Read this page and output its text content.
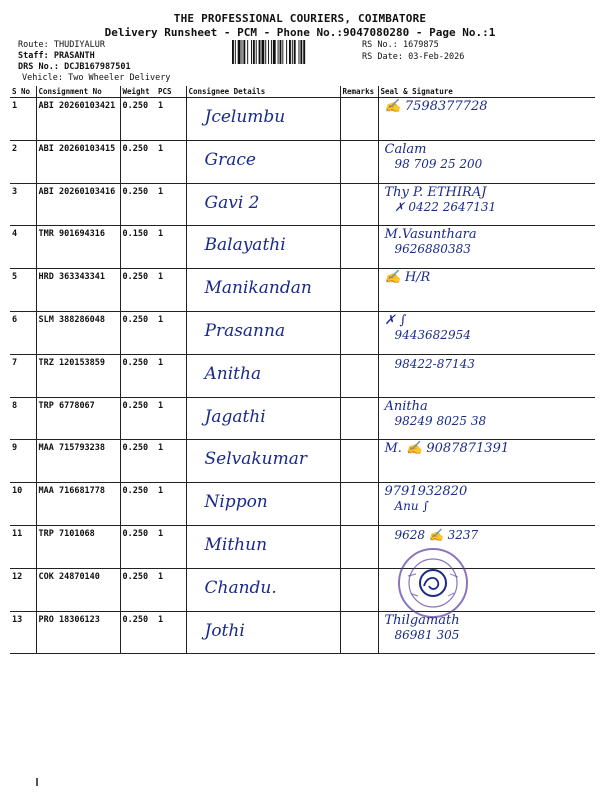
THE PROFESSIONAL COURIERS, COIMBATORE
Delivery Runsheet - PCM - Phone No.:9047080280 - Page No.:1
Route: THUDIYALUR
Staff: PRASANTH
DRS No.: DCJB167987501
Vehicle: Two Wheeler Delivery
RS No.: 1679875
RS Date: 03-Feb-2026
S No	Consignment No	Weight	PCS	Consignee Details	Remarks	Seal & Signature
1	ABI 20260103421	0.250	1	Jcelumbu		✍ 7598377728

2	ABI 20260103415	0.250	1	Grace		Calam
98 709 25 200

3	ABI 20260103416	0.250	1	Gavi 2		Thy P. ETHIRAJ
✗ 0422 2647131

4	TMR 901694316	0.150	1	Balayathi		M.Vasunthara
9626880383

5	HRD 363343341	0.250	1	Manikandan		✍ H/R

6	SLM 388286048	0.250	1	Prasanna		✗ ∫
9443682954

7	TRZ 120153859	0.250	1	Anitha		98422-87143

8	TRP 6778067	0.250	1	Jagathi		Anitha
98249 8025 38

9	MAA 715793238	0.250	1	Selvakumar		M. ✍ 9087871391

10	MAA 716681778	0.250	1	Nippon		9791932820
Anu ∫

11	TRP 7101068	0.250	1	Mithun		9628 ✍ 3237

12	COK 24870140	0.250	1	Chandu.		

13	PRO 18306123	0.250	1	Jothi		Thilgamath
86981 305
